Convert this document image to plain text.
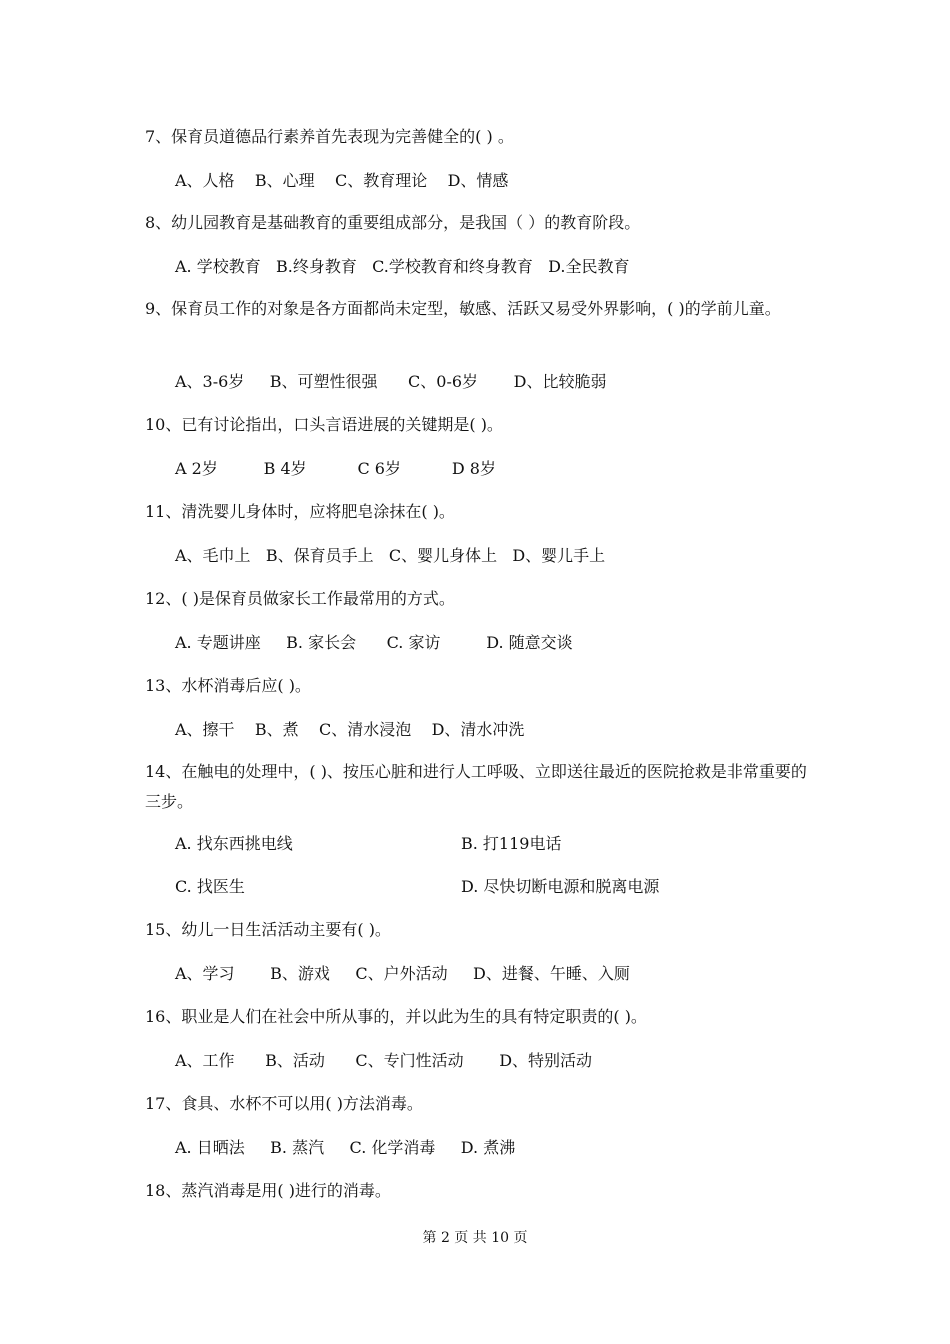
7、保育员道德品行素养首先表现为完善健全的( ) 。
A、人格    B、心理    C、教育理论    D、情感
8、幼儿园教育是基础教育的重要组成部分，是我国（ ）的教育阶段。
A. 学校教育   B.终身教育   C.学校教育和终身教育   D.全民教育
9、保育员工作的对象是各方面都尚未定型，敏感、活跃又易受外界影响，( )的学前儿童。
A、3-6岁     B、可塑性很强      C、0-6岁       D、比较脆弱
10、已有讨论指出，口头言语进展的关键期是( )。
A 2岁         B 4岁          C 6岁          D 8岁
11、清洗婴儿身体时，应将肥皂涂抹在( )。
A、毛巾上   B、保育员手上   C、婴儿身体上   D、婴儿手上
12、( )是保育员做家长工作最常用的方式。
A. 专题讲座     B. 家长会      C. 家访         D. 随意交谈
13、水杯消毒后应( )。
A、擦干    B、煮    C、清水浸泡    D、清水冲洗
14、在触电的处理中，( )、按压心脏和进行人工呼吸、立即送往最近的医院抢救是非常重要的三步。
A. 找东西挑电线	B. 打119电话
C. 找医生	D. 尽快切断电源和脱离电源
15、幼儿一日生活活动主要有( )。
A、学习       B、游戏     C、户外活动     D、进餐、午睡、入厕
16、职业是人们在社会中所从事的，并以此为生的具有特定职责的( )。
A、工作      B、活动      C、专门性活动       D、特别活动
17、食具、水杯不可以用( )方法消毒。
A. 日晒法     B. 蒸汽     C. 化学消毒     D. 煮沸
18、蒸汽消毒是用( )进行的消毒。
第 2 页 共 10 页
